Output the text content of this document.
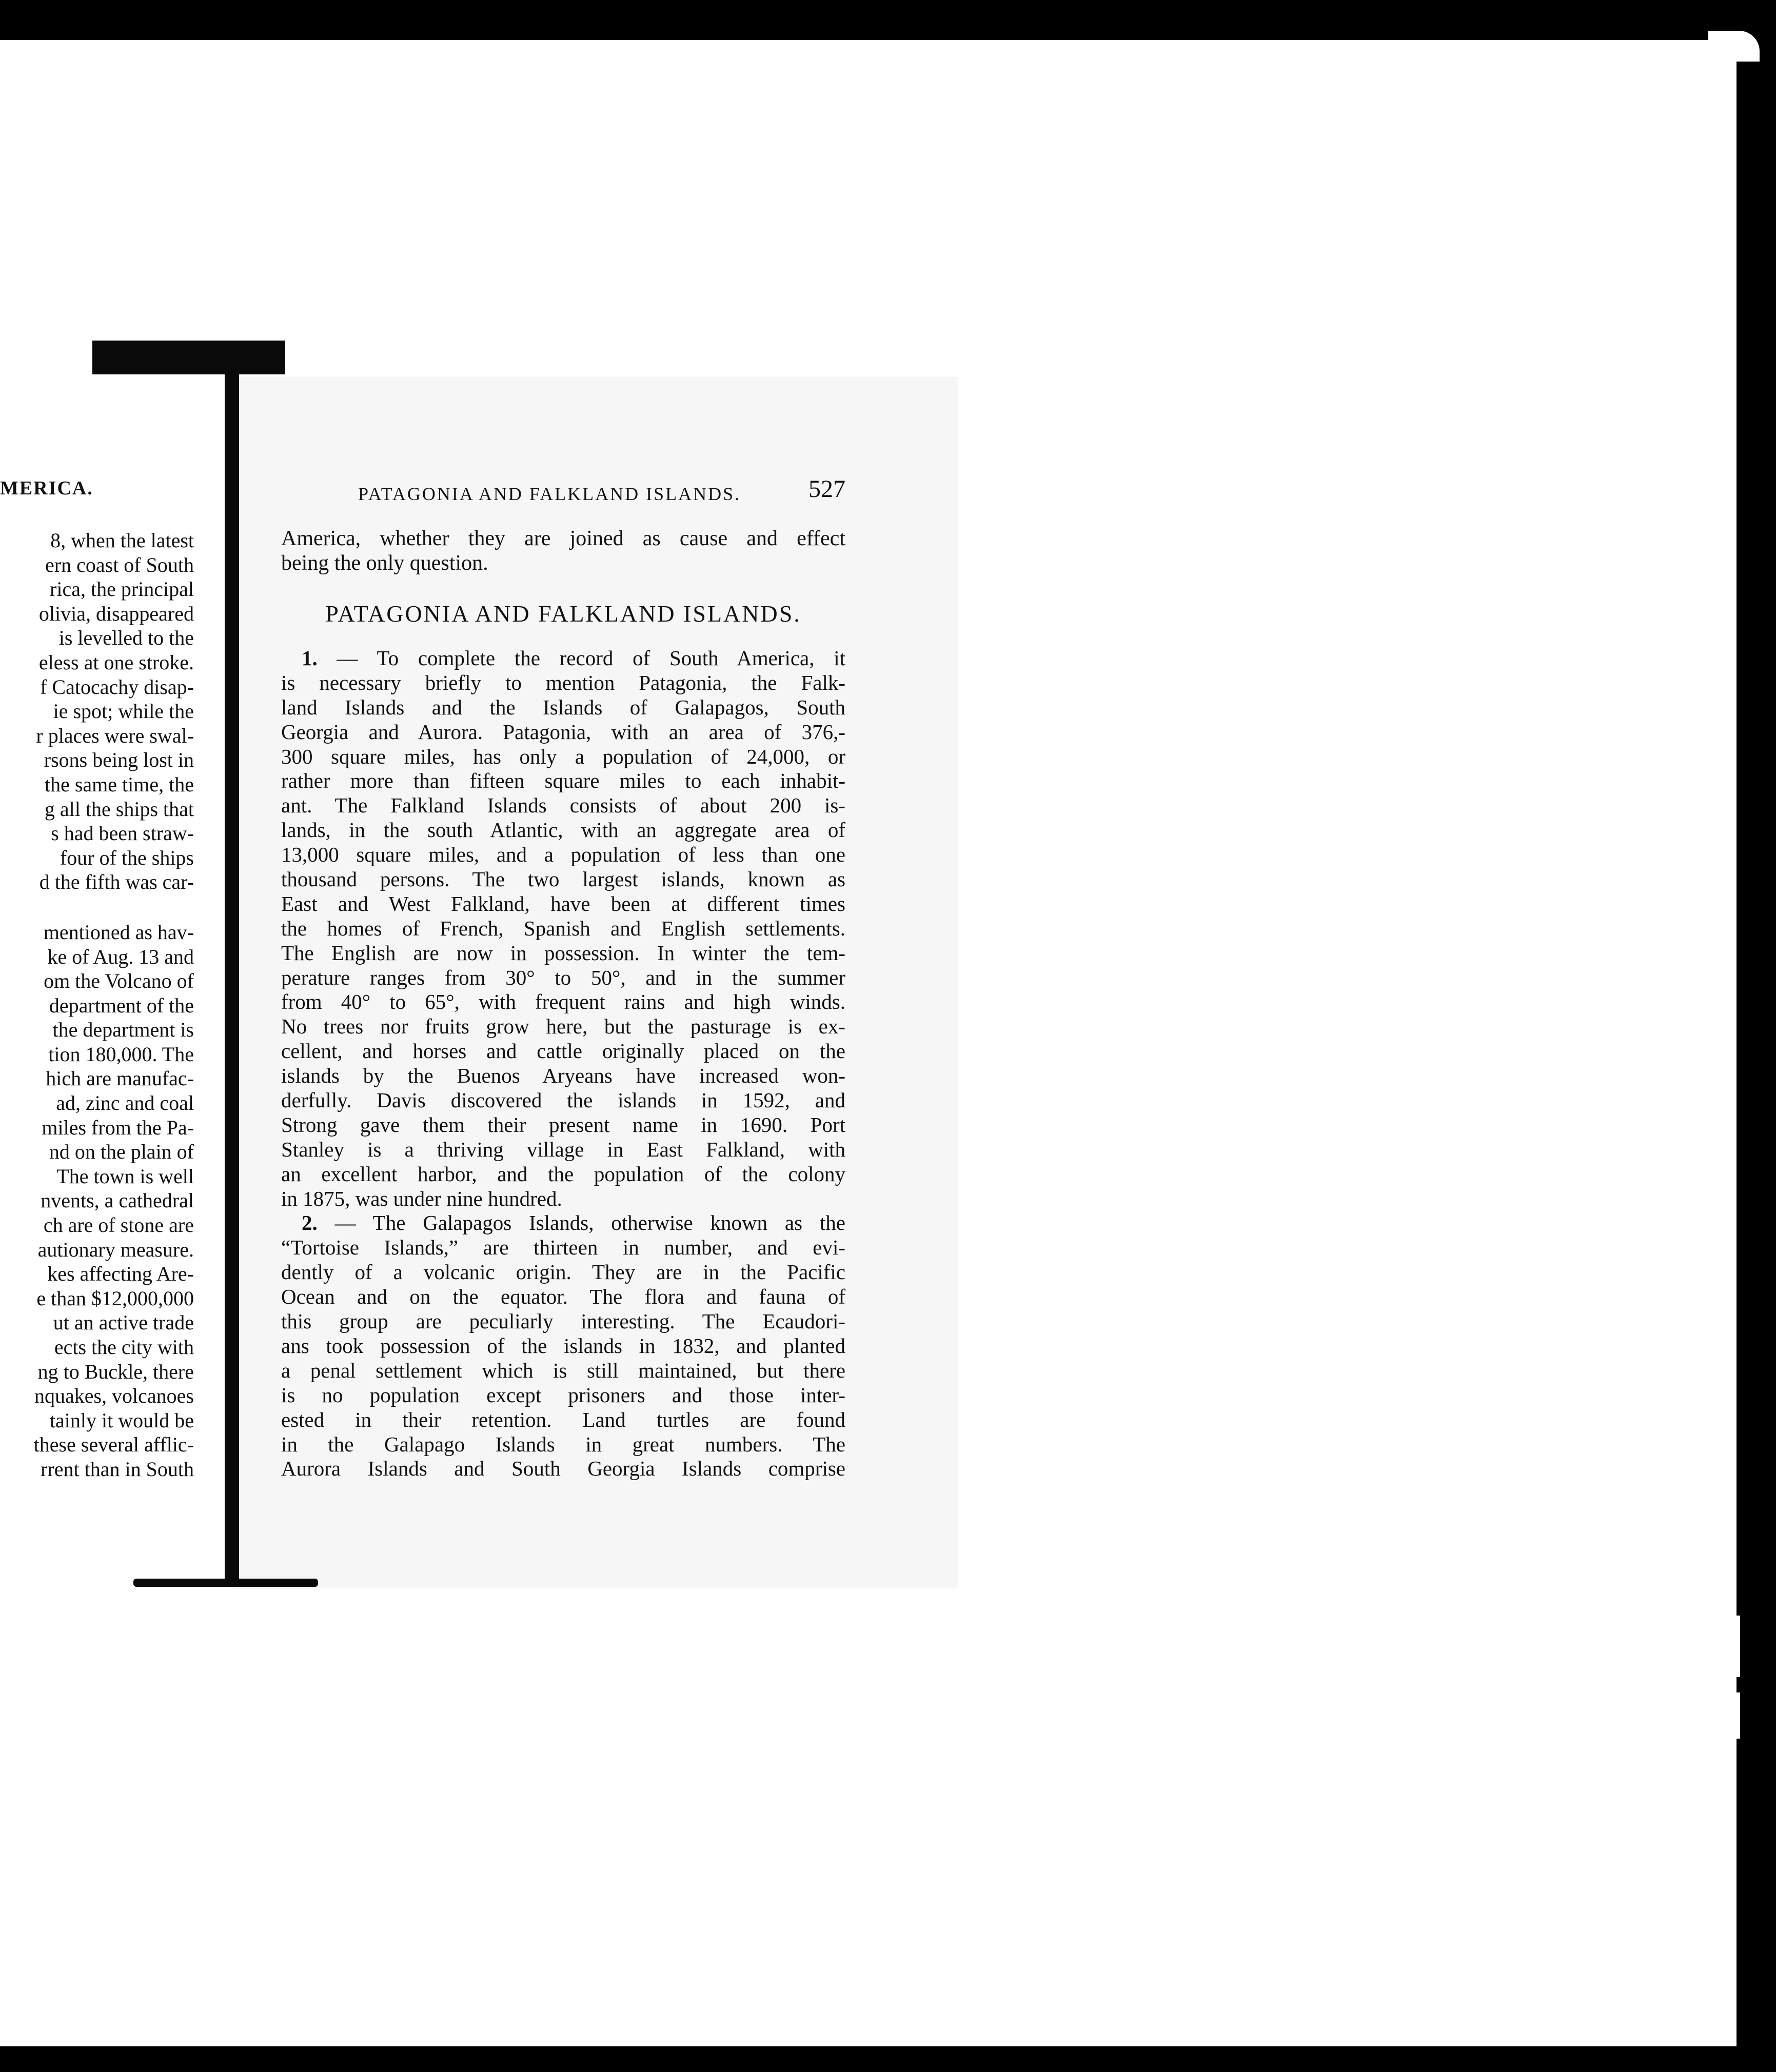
MERICA.
8, when the latest
ern coast of South
rica, the principal
olivia, disappeared
is levelled to the
eless at one stroke.
f Catocachy disap-
ie spot; while the
r places were swal-
rsons being lost in
the same time, the
g all the ships that
s had been straw-
four of the ships
d the fifth was car-
mentioned as hav-
ke of Aug. 13 and
om the Volcano of
department of the
the department is
tion 180,000. The
hich are manufac-
ad, zinc and coal
miles from the Pa-
nd on the plain of
The town is well
nvents, a cathedral
ch are of stone are
autionary measure.
kes affecting Are-
e than $12,000,000
ut an active trade
ects the city with
ng to Buckle, there
nquakes, volcanoes
tainly it would be
these several afflic-
rrent than in South
PATAGONIA AND FALKLAND ISLANDS.	527
America, whether they are joined as cause and effect
being the only question.
PATAGONIA AND FALKLAND ISLANDS.
1. — To complete the record of South America, it
is necessary briefly to mention Patagonia, the Falk-
land Islands and the Islands of Galapagos, South
Georgia and Aurora. Patagonia, with an area of 376,-
300 square miles, has only a population of 24,000, or
rather more than fifteen square miles to each inhabit-
ant. The Falkland Islands consists of about 200 is-
lands, in the south Atlantic, with an aggregate area of
13,000 square miles, and a population of less than one
thousand persons. The two largest islands, known as
East and West Falkland, have been at different times
the homes of French, Spanish and English settlements.
The English are now in possession. In winter the tem-
perature ranges from 30° to 50°, and in the summer
from 40° to 65°, with frequent rains and high winds.
No trees nor fruits grow here, but the pasturage is ex-
cellent, and horses and cattle originally placed on the
islands by the Buenos Aryeans have increased won-
derfully. Davis discovered the islands in 1592, and
Strong gave them their present name in 1690. Port
Stanley is a thriving village in East Falkland, with
an excellent harbor, and the population of the colony
in 1875, was under nine hundred.
2. — The Galapagos Islands, otherwise known as the
“Tortoise Islands,” are thirteen in number, and evi-
dently of a volcanic origin. They are in the Pacific
Ocean and on the equator. The flora and fauna of
this group are peculiarly interesting. The Ecaudori-
ans took possession of the islands in 1832, and planted
a penal settlement which is still maintained, but there
is no population except prisoners and those inter-
ested in their retention. Land turtles are found
in the Galapago Islands in great numbers. The
Aurora Islands and South Georgia Islands comprise
